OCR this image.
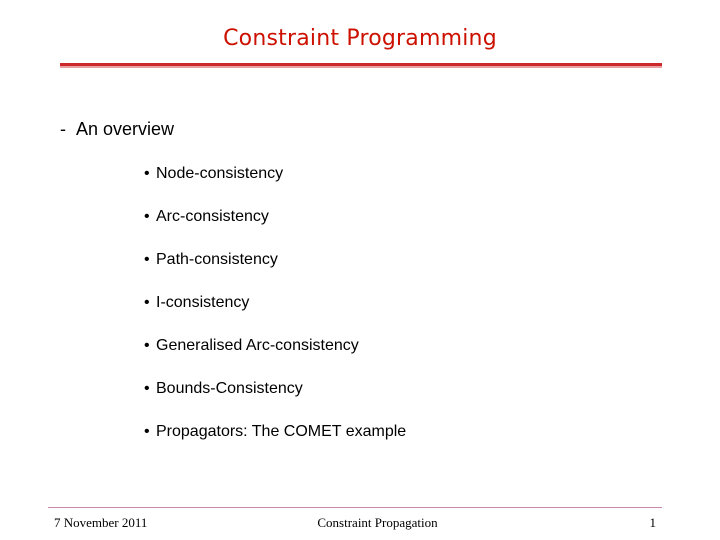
Constraint Programming
- An overview
• Node-consistency
• Arc-consistency
• Path-consistency
• I-consistency
• Generalised Arc-consistency
• Bounds-Consistency
• Propagators: The COMET example
7 November 2011	Constraint Propagation	1
